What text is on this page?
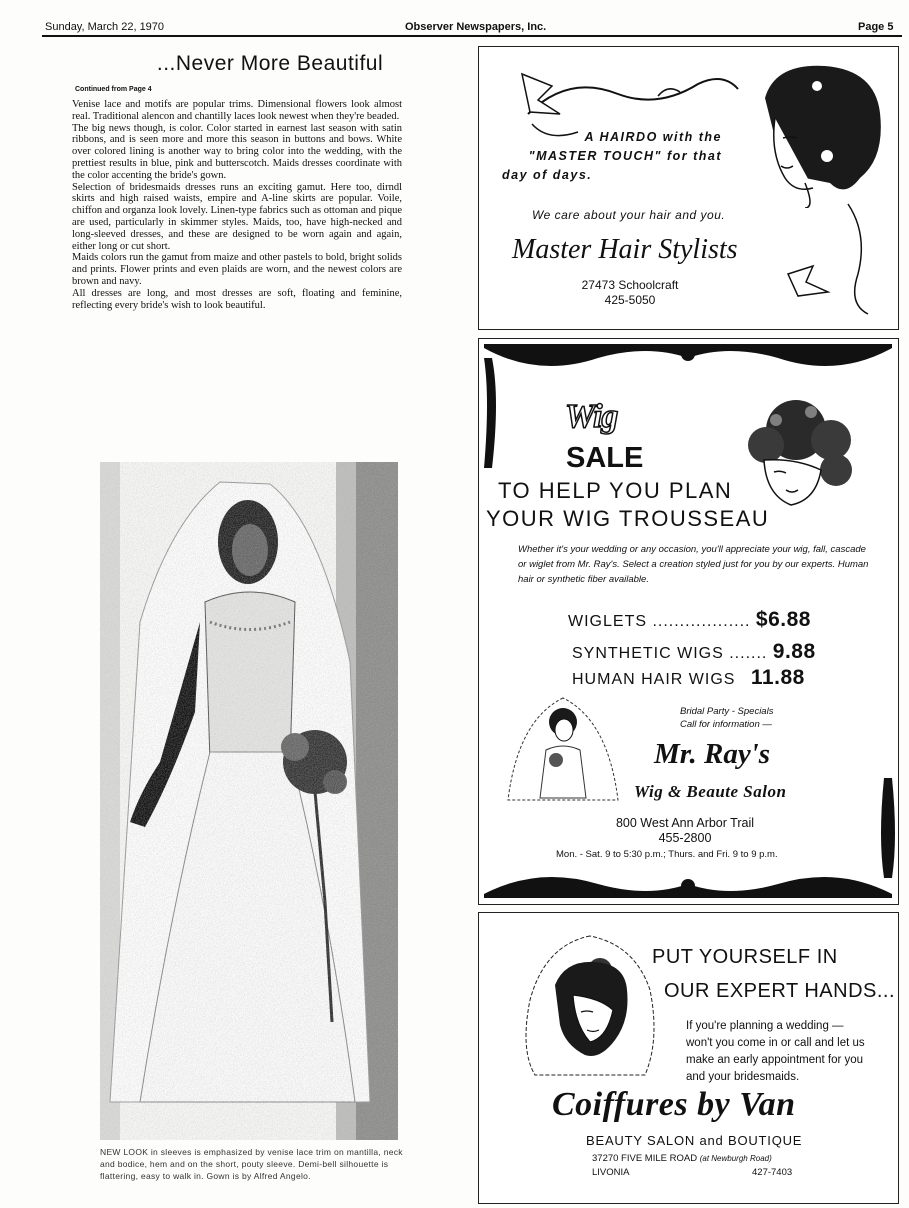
Sunday, March 22, 1970	Observer Newspapers, Inc.	Page 5
...Never More Beautiful
Continued from Page 4

Venise lace and motifs are popular trims. Dimensional flowers look almost real. Traditional alencon and chantilly laces look newest when they're beaded.

The big news though, is color. Color started in earnest last season with satin ribbons, and is seen more and more this season in buttons and bows. White over colored lining is another way to bring color into the wedding, with the prettiest results in blue, pink and butterscotch. Maids dresses coordinate with the color accenting the bride's gown.

Selection of bridesmaids dresses runs an exciting gamut. Here too, dirndl skirts and high raised waists, empire and A-line skirts are popular. Voile, chiffon and organza look lovely. Linen-type fabrics such as ottoman and pique are used, particularly in skimmer styles. Maids, too, have high-necked and long-sleeved dresses, and these are designed to be worn again and again, either long or cut short.

Maids colors run the gamut from maize and other pastels to bold, bright solids and prints. Flower prints and even plaids are worn, and the newest colors are brown and navy.

All dresses are long, and most dresses are soft, floating and feminine, reflecting every bride's wish to look beautiful.

NEW LOOK in sleeves is emphasized by venise lace trim on mantilla, neck and bodice, hem and on the short, pouty sleeve. Demi-bell silhouette is flattering, easy to walk in. Gown is by Alfred Angelo.
A HAIRDO with the
"MASTER TOUCH" for that
day of days.
We care about your hair and you.
Master Hair Stylists
27473 Schoolcraft
425-5050
Wig
SALE
TO HELP YOU PLAN
YOUR WIG TROUSSEAU
Whether it's your wedding or any occasion, you'll appreciate your wig, fall, cascade or wiglet from Mr. Ray's. Select a creation styled just for you by our experts. Human hair or synthetic fiber available.
WIGLETS .................. $6.88
SYNTHETIC WIGS ....... 9.88
HUMAN HAIR WIGS 11.88
Bridal Party - Specials
Call for information —
Mr. Ray's
Wig & Beaute Salon
800 West Ann Arbor Trail
455-2800
Mon. - Sat. 9 to 5:30 p.m.; Thurs. and Fri. 9 to 9 p.m.
PUT YOURSELF IN
OUR EXPERT HANDS...
If you're planning a wedding — won't you come in or call and let us make an early appointment for you and your bridesmaids.
Coiffures by Van
BEAUTY SALON and BOUTIQUE
37270 FIVE MILE ROAD (at Newburgh Road)
LIVONIA	427-7403
